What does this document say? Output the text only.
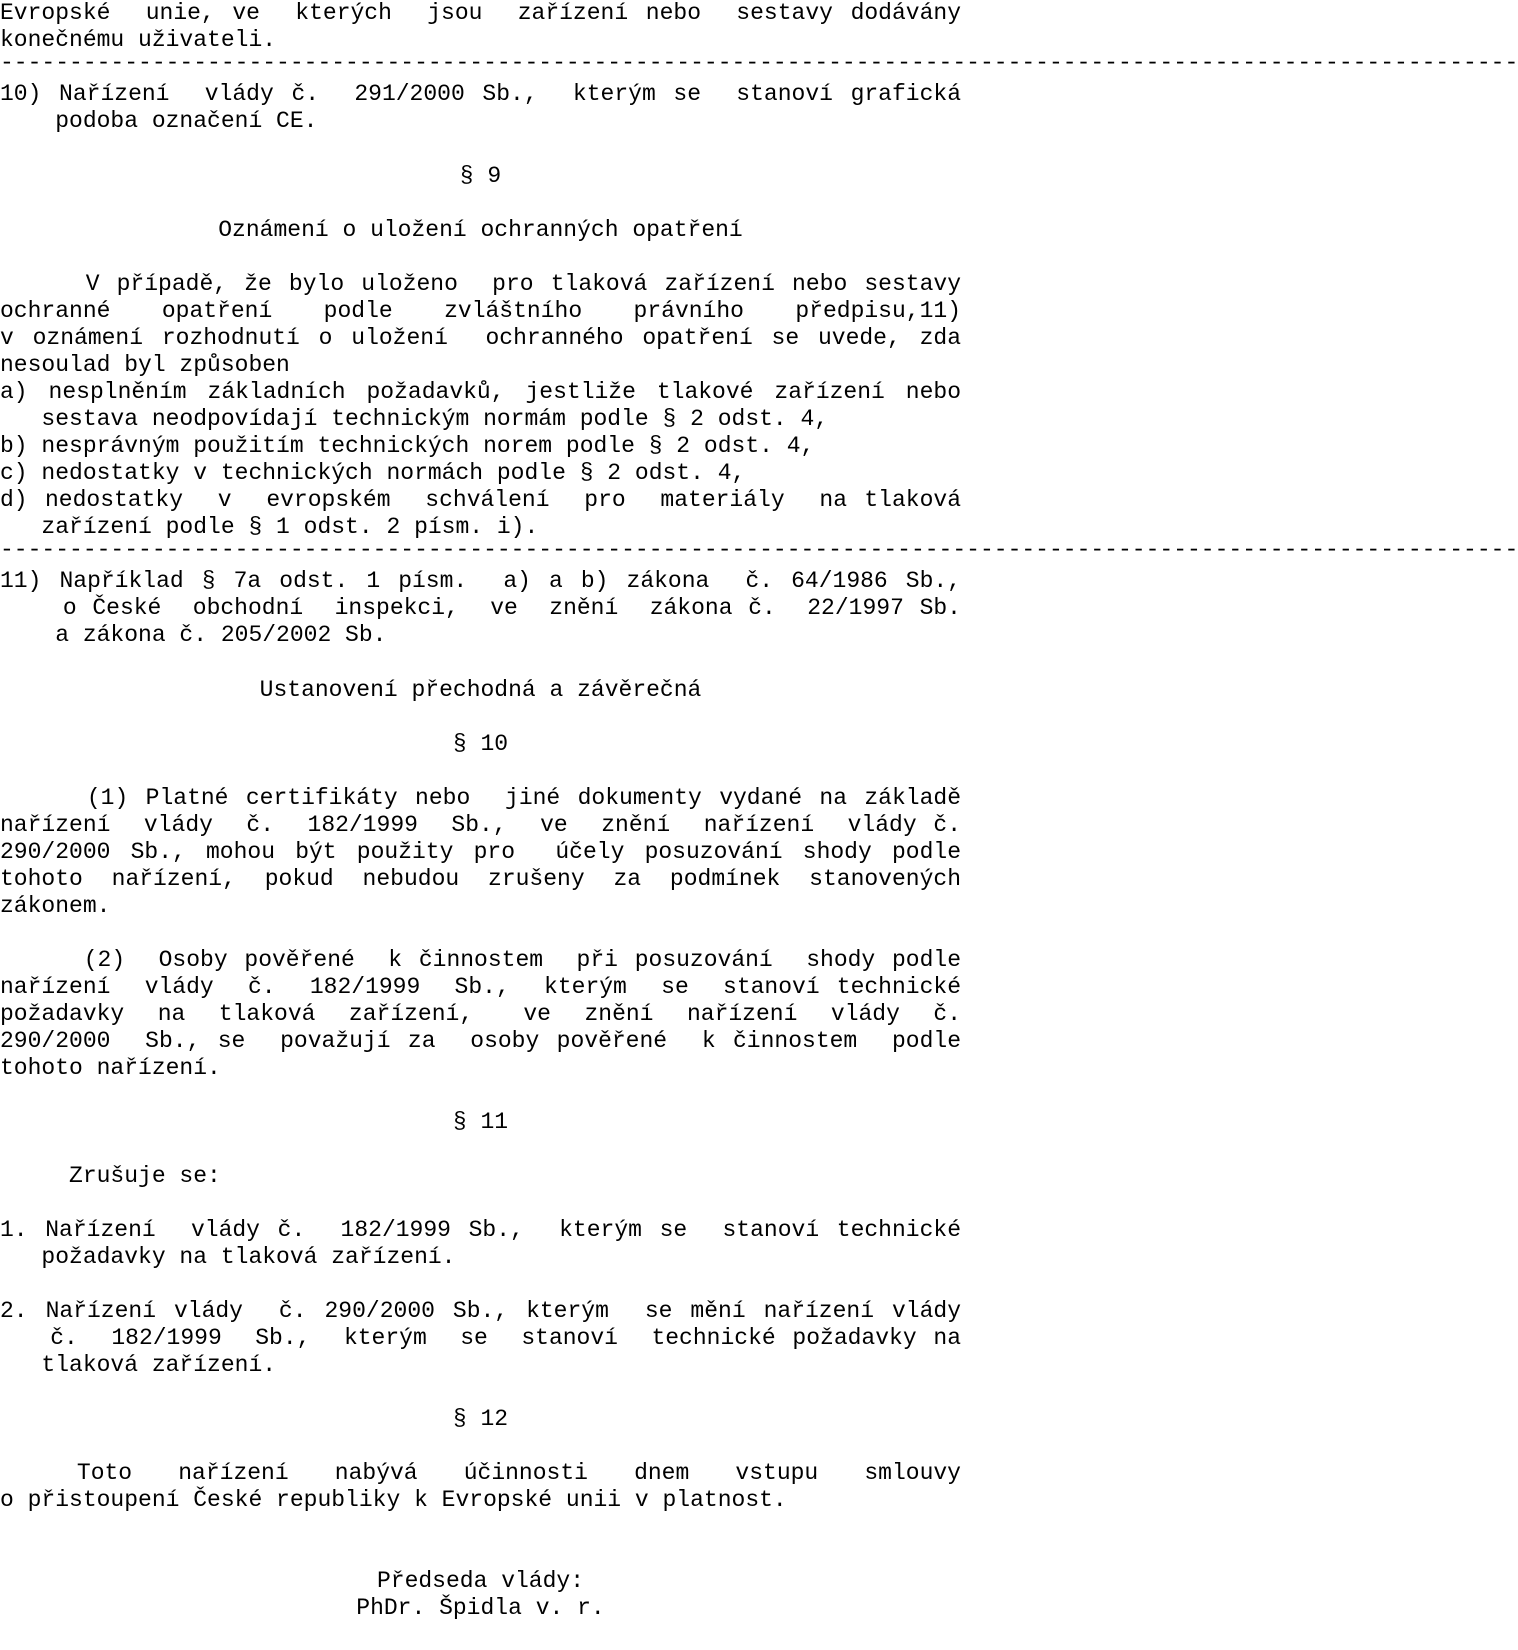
Evropské  unie, ve  kterých  jsou  zařízení nebo  sestavy dodávány
konečnému uživateli.
--------------------------------------------------------------------------------------------------------------
10) Nařízení  vlády č.  291/2000 Sb.,  kterým se  stanoví grafická
podoba označení CE.
§ 9
Oznámení o uložení ochranných opatření
V případě, že bylo uloženo  pro tlaková zařízení nebo sestavy
ochranné  opatření  podle  zvláštního  právního  předpisu,11)
v oznámení rozhodnutí o uložení  ochranného opatření se uvede, zda
nesoulad byl způsoben
a) nesplněním základních požadavků, jestliže tlakové zařízení nebo
sestava neodpovídají technickým normám podle § 2 odst. 4,
b) nesprávným použitím technických norem podle § 2 odst. 4,
c) nedostatky v technických normách podle § 2 odst. 4,
d) nedostatky  v  evropském  schválení  pro  materiály  na tlaková
zařízení podle § 1 odst. 2 písm. i).
--------------------------------------------------------------------------------------------------------------
11) Například § 7a odst. 1 písm.  a) a b) zákona  č. 64/1986 Sb.,
o České  obchodní  inspekci,  ve  znění  zákona č.  22/1997 Sb.
a zákona č. 205/2002 Sb.
Ustanovení přechodná a závěrečná
§ 10
(1) Platné certifikáty nebo  jiné dokumenty vydané na základě
nařízení  vlády  č.  182/1999  Sb.,  ve  znění  nařízení  vlády č.
290/2000 Sb., mohou být použity pro  účely posuzování shody podle
tohoto  nařízení,  pokud  nebudou  zrušeny  za  podmínek  stanovených
zákonem.
(2)  Osoby pověřené  k činnostem  při posuzování  shody podle
nařízení  vlády  č.  182/1999  Sb.,  kterým  se  stanoví technické
požadavky  na  tlaková  zařízení,   ve  znění  nařízení  vlády  č.
290/2000  Sb., se  považují za  osoby pověřené  k činnostem  podle
tohoto nařízení.
§ 11
Zrušuje se:
1. Nařízení  vlády č.  182/1999 Sb.,  kterým se  stanoví technické
požadavky na tlaková zařízení.
2. Nařízení vlády  č. 290/2000 Sb., kterým  se mění nařízení vlády
č.  182/1999  Sb.,  kterým  se  stanoví  technické požadavky na
tlaková zařízení.
§ 12
Toto   nařízení   nabývá   účinnosti   dnem   vstupu   smlouvy
o přistoupení České republiky k Evropské unii v platnost.
Předseda vlády:
PhDr. Špidla v. r.
